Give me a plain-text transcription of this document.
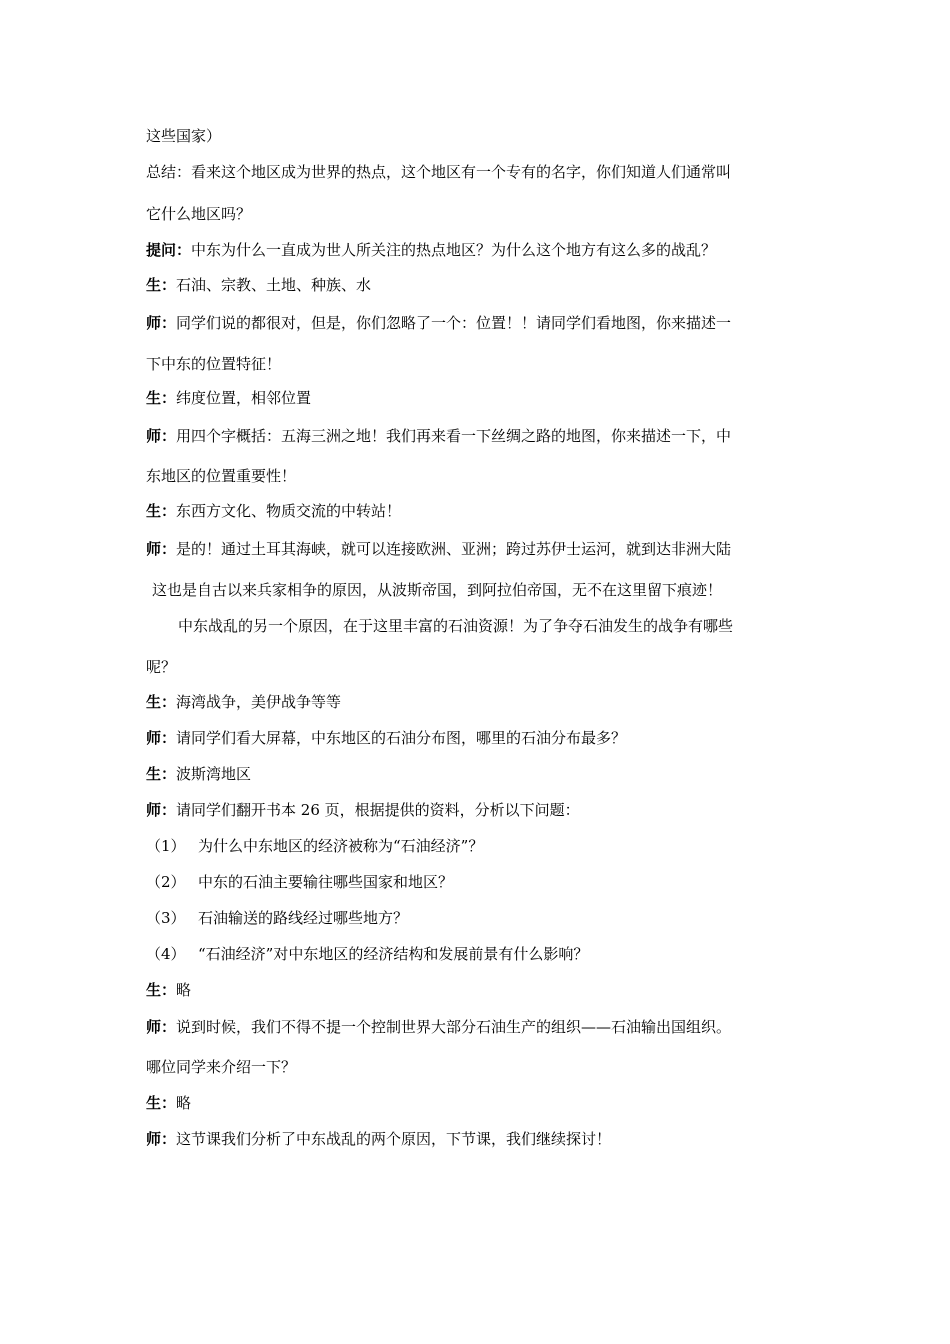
这些国家）
总结：看来这个地区成为世界的热点，这个地区有一个专有的名字，你们知道人们通常叫
它什么地区吗？
提问：中东为什么一直成为世人所关注的热点地区？为什么这个地方有这么多的战乱？
生：石油、宗教、土地、种族、水
师：同学们说的都很对，但是，你们忽略了一个：位置！！请同学们看地图，你来描述一
下中东的位置特征！
生：纬度位置，相邻位置
师：用四个字概括：五海三洲之地！我们再来看一下丝绸之路的地图，你来描述一下，中
东地区的位置重要性！
生：东西方文化、物质交流的中转站！
师：是的！通过土耳其海峡，就可以连接欧洲、亚洲；跨过苏伊士运河，就到达非洲大陆
这也是自古以来兵家相争的原因，从波斯帝国，到阿拉伯帝国，无不在这里留下痕迹！
中东战乱的另一个原因，在于这里丰富的石油资源！为了争夺石油发生的战争有哪些
呢？
生：海湾战争，美伊战争等等
师：请同学们看大屏幕，中东地区的石油分布图，哪里的石油分布最多？
生：波斯湾地区
师：请同学们翻开书本 26 页，根据提供的资料，分析以下问题：
（1） 为什么中东地区的经济被称为“石油经济”？
（2） 中东的石油主要输往哪些国家和地区？
（3） 石油输送的路线经过哪些地方？
（4） “石油经济”对中东地区的经济结构和发展前景有什么影响？
生：略
师：说到时候，我们不得不提一个控制世界大部分石油生产的组织——石油输出国组织。
哪位同学来介绍一下？
生：略
师：这节课我们分析了中东战乱的两个原因，下节课，我们继续探讨！
